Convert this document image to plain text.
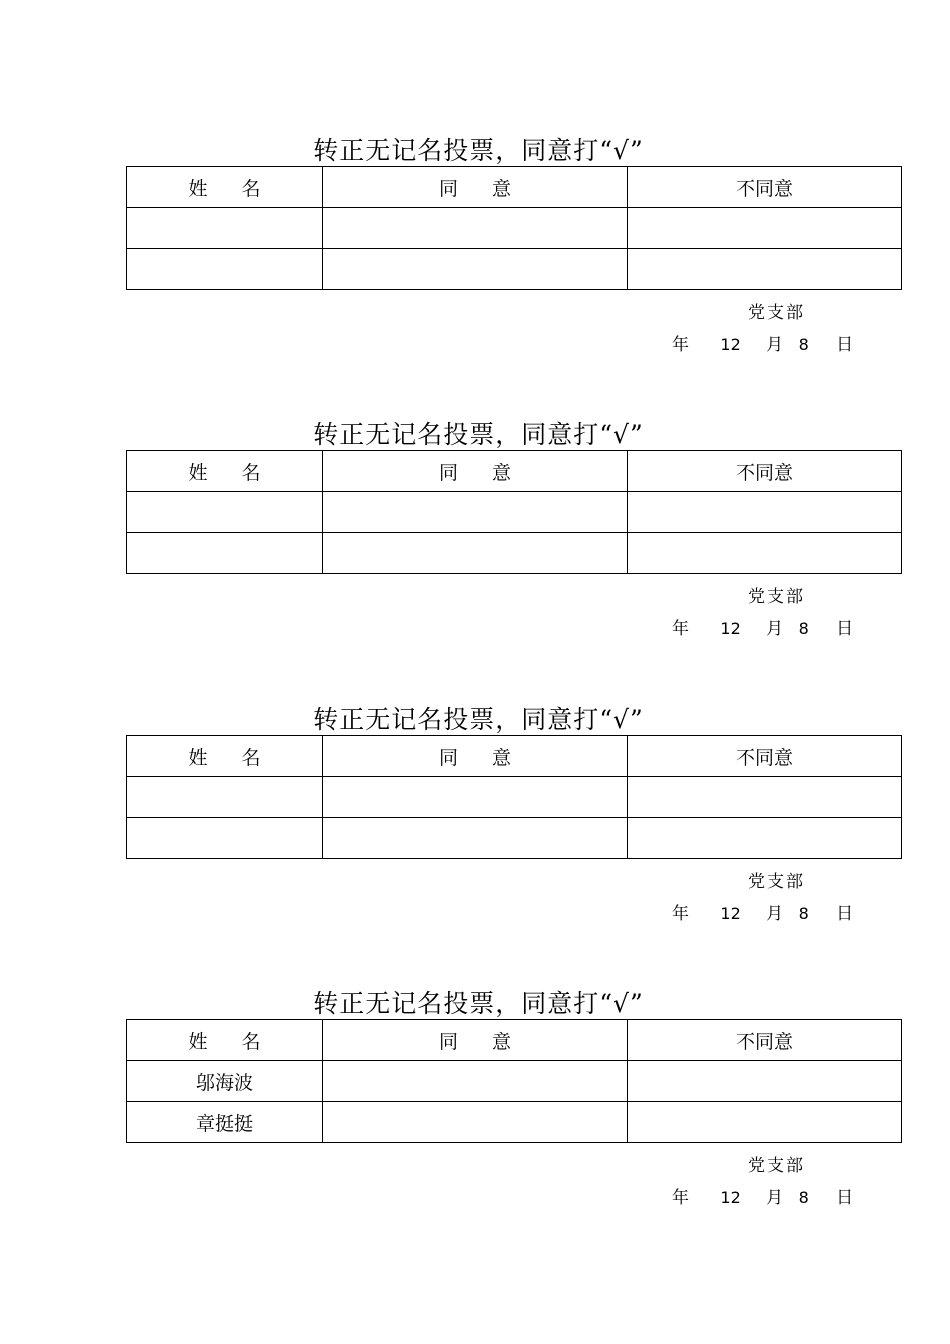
转正无记名投票，同意打“√”
姓名	同意	不同意

党支部
年 12 月 8 日
转正无记名投票，同意打“√”
姓名	同意	不同意

党支部
年 12 月 8 日
转正无记名投票，同意打“√”
姓名	同意	不同意

党支部
年 12 月 8 日
转正无记名投票，同意打“√”
姓名	同意	不同意
邬海波		
章挺挺		
党支部
年 12 月 8 日
